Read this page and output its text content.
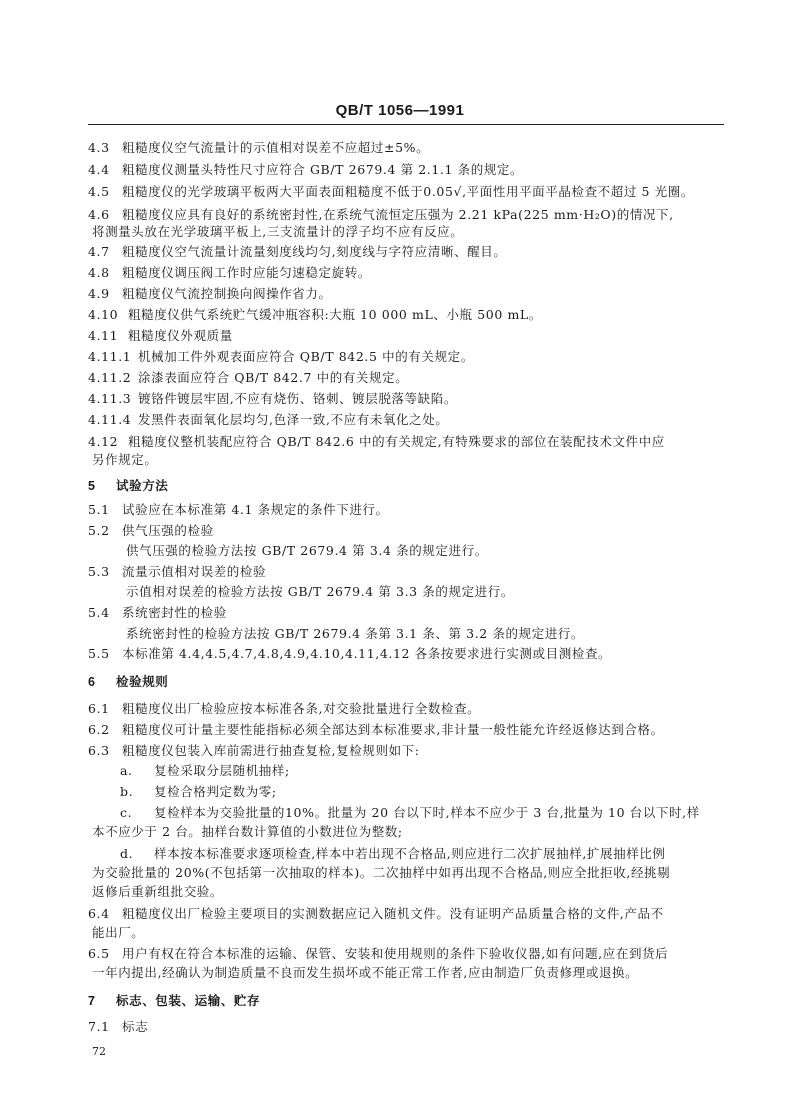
QB/T 1056—1991
4.3 粗糙度仪空气流量计的示值相对误差不应超过±5%。
4.4 粗糙度仪测量头特性尺寸应符合 GB/T 2679.4 第 2.1.1 条的规定。
4.5 粗糙度仪的光学玻璃平板两大平面表面粗糙度不低于0.05√,平面性用平面平晶检查不超过 5 光圈。
4.6 粗糙度仪应具有良好的系统密封性,在系统气流恒定压强为 2.21 kPa(225 mm·H₂O)的情况下,
将测量头放在光学玻璃平板上,三支流量计的浮子均不应有反应。
4.7 粗糙度仪空气流量计流量刻度线均匀,刻度线与字符应清晰、醒目。
4.8 粗糙度仪调压阀工作时应能匀速稳定旋转。
4.9 粗糙度仪气流控制换向阀操作省力。
4.10 粗糙度仪供气系统贮气缓冲瓶容积:大瓶 10 000 mL、小瓶 500 mL。
4.11 粗糙度仪外观质量
4.11.1 机械加工件外观表面应符合 QB/T 842.5 中的有关规定。
4.11.2 涂漆表面应符合 QB/T 842.7 中的有关规定。
4.11.3 镀铬件镀层牢固,不应有烧伤、铬刺、镀层脱落等缺陷。
4.11.4 发黑件表面氧化层均匀,色泽一致,不应有未氧化之处。
4.12 粗糙度仪整机装配应符合 QB/T 842.6 中的有关规定,有特殊要求的部位在装配技术文件中应
另作规定。
5 试验方法
5.1 试验应在本标准第 4.1 条规定的条件下进行。
5.2 供气压强的检验
供气压强的检验方法按 GB/T 2679.4 第 3.4 条的规定进行。
5.3 流量示值相对误差的检验
示值相对误差的检验方法按 GB/T 2679.4 第 3.3 条的规定进行。
5.4 系统密封性的检验
系统密封性的检验方法按 GB/T 2679.4 条第 3.1 条、第 3.2 条的规定进行。
5.5 本标准第 4.4,4.5,4.7,4.8,4.9,4.10,4.11,4.12 各条按要求进行实测或目测检查。
6 检验规则
6.1 粗糙度仪出厂检验应按本标准各条,对交验批量进行全数检查。
6.2 粗糙度仪可计量主要性能指标必须全部达到本标准要求,非计量一般性能允许经返修达到合格。
6.3 粗糙度仪包装入库前需进行抽查复检,复检规则如下:
a. 复检采取分层随机抽样;
b. 复检合格判定数为零;
c. 复检样本为交验批量的10%。批量为 20 台以下时,样本不应少于 3 台,批量为 10 台以下时,样
本不应少于 2 台。抽样台数计算值的小数进位为整数;
d. 样本按本标准要求逐项检查,样本中若出现不合格品,则应进行二次扩展抽样,扩展抽样比例
为交验批量的 20%(不包括第一次抽取的样本)。二次抽样中如再出现不合格品,则应全批拒收,经挑剔
返修后重新组批交验。
6.4 粗糙度仪出厂检验主要项目的实测数据应记入随机文件。没有证明产品质量合格的文件,产品不
能出厂。
6.5 用户有权在符合本标准的运输、保管、安装和使用规则的条件下验收仪器,如有问题,应在到货后
一年内提出,经确认为制造质量不良而发生损坏或不能正常工作者,应由制造厂负责修理或退换。
7 标志、包装、运输、贮存
7.1 标志
72
